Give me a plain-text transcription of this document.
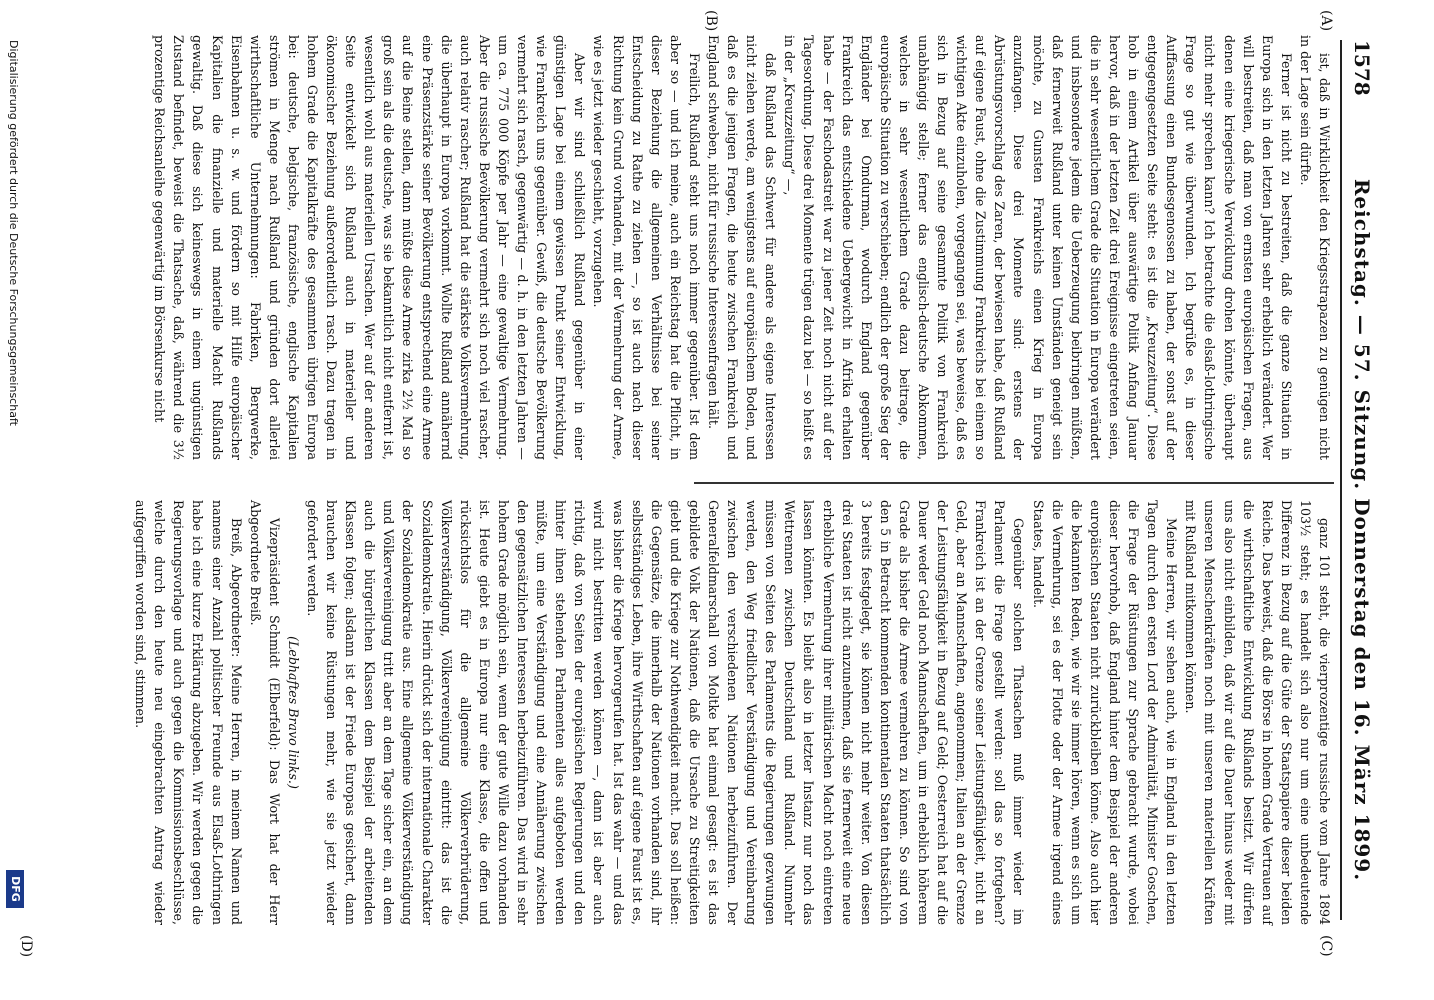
1578
Reichstag. — 57. Sitzung. Donnerstag den 16. März 1899.
(A)
(B)
(C)
(D)

ist, daß in Wirklichkeit den Kriegsstrapazen zu genügen nicht in der Lage sein dürfte.

Ferner ist nicht zu bestreiten, daß die ganze Situation in Europa sich in den letzten Jahren sehr erheblich verändert. Wer will bestreiten, daß man von ernsten europäischen Fragen, aus denen eine kriegerische Verwicklung drohen könnte, überhaupt nicht mehr sprechen kann? Ich betrachte die elsaß-lothringische Frage so gut wie überwunden. Ich begrüße es, in dieser Auffassung einen Bundesgenossen zu haben, der sonst auf der entgegengesetzten Seite steht: es ist die „Kreuzzeitung“. Diese hob in einem Artikel über auswärtige Politik Anfang Januar hervor, daß in der letzten Zeit drei Ereignisse eingetreten seien, die in sehr wesentlichem Grade die Situation in Europa verändert und insbesondere jedem die Ueberzeugung beibringen müßten, daß fernerweit Rußland unter keinen Umständen geneigt sein möchte, zu Gunsten Frankreichs einen Krieg in Europa anzufangen. Diese drei Momente sind: erstens der Abrüstungsvorschlag des Zaren, der bewiesen habe, daß Rußland auf eigene Faust, ohne die Zustimmung Frankreichs bei einem so wichtigen Akte einzuholen, vorgegangen sei, was beweise, daß es sich in Bezug auf seine gesammte Politik von Frankreich unabhängig stelle; ferner das englisch-deutsche Abkommen, welches in sehr wesentlichem Grade dazu beitrage, die europäische Situation zu verschieben; endlich der große Sieg der Engländer bei Omdurman, wodurch England gegenüber Frankreich das entschiedene Uebergewicht in Afrika erhalten habe — der Faschodastreit war zu jener Zeit noch nicht auf der Tagesordnung. Diese drei Momente trügen dazu bei — so heißt es in der „Kreuzzeitung“ —,

daß Rußland das Schwert für andere als eigene Interessen nicht ziehen werde, am wenigstens auf europäischem Boden, und daß es die jenigen Fragen, die heute zwischen Frankreich und England schweben, nicht für russische Interessenfragen hält.

Freilich, Rußland steht uns noch immer gegenüber. Ist dem aber so — und ich meine, auch ein Reichstag hat die Pflicht, in dieser Beziehung die allgemeinen Verhältnisse bei seiner Entscheidung zu Rathe zu ziehen —, so ist auch nach dieser Richtung kein Grund vorhanden, mit der Vermehrung der Armee, wie es jetzt wieder geschieht, vorzugehen.

Aber wir sind schließlich Rußland gegenüber in einer günstigen Lage bei einem gewissen Punkt seiner Entwicklung, wie Frankreich uns gegenüber. Gewiß, die deutsche Bevölkerung vermehrt sich rasch, gegenwärtig — d. h. in den letzten Jahren — um ca. 775 000 Köpfe per Jahr — eine gewaltige Vermehrung. Aber die russische Bevölkerung vermehrt sich noch viel rascher, auch relativ rascher; Rußland hat die stärkste Volksvermehrung, die überhaupt in Europa vorkommt. Wollte Rußland annähernd eine Präsenzstärke seiner Bevölkerung entsprechend eine Armee auf die Beine stellen, dann müßte diese Armee zirka 2½ Mal so groß sein als die deutsche, was sie bekanntlich nicht entfernt ist, wesentlich wohl aus materiellen Ursachen. Wer auf der anderen Seite entwickelt sich Rußland auch in materieller und ökonomischer Beziehung außerordentlich rasch. Dazu tragen in hohem Grade die Kapitalkräfte des gesammten übrigen Europa bei: deutsche, belgische, französische, englische Kapitalien strömen in Menge nach Rußland und gründen dort allerlei wirthschaftliche Unternehmungen: Fabriken, Bergwerke, Eisenbahnen u. s. w. und fördern so mit Hilfe europäischer Kapitalien die finanzielle und materielle Macht Rußlands gewaltig. Daß diese sich keineswegs in einem ungünstigen Zustand befindet, beweist die Thatsache, daß, während die 3½ prozentige Reichsanleihe gegenwärtig im Börsenkurse nicht

ganz 101 steht, die vierprozentige russische vom Jahre 1894 103½ steht; es handelt sich also nur um eine unbedeutende Differenz in Bezug auf die Güte der Staatspapiere dieser beiden Reiche. Das beweist, daß die Börse in hohem Grade Vertrauen auf die wirthschaftliche Entwicklung Rußlands besitzt. Wir dürfen uns also nicht einbilden, daß wir auf die Dauer hinaus weder mit unseren Menschenkräften noch mit unseren materiellen Kräften mit Rußland mitkommen können.

Meine Herren, wir sehen auch, wie in England in den letzten Tagen durch den ersten Lord der Admiralität, Minister Goschen, die Frage der Rüstungen zur Sprache gebracht wurde, wobei dieser hervorhob, daß England hinter dem Beispiel der anderen europäischen Staaten nicht zurückbleiben könne. Also auch hier die bekannten Reden, wie wir sie immer hören, wenn es sich um die Vermehrung, sei es der Flotte oder der Armee irgend eines Staates, handelt.

Gegenüber solchen Thatsachen muß immer wieder im Parlament die Frage gestellt werden: soll das so fortgehen? Frankreich ist an der Grenze seiner Leistungsfähigkeit, nicht an Geld, aber an Mannschaften, angenommen; Italien an der Grenze der Leistungsfähigkeit in Bezug auf Geld; Oesterreich hat auf die Dauer weder Geld noch Mannschaften, um in erheblich höherem Grade als bisher die Armee vermehren zu können. So sind von den 5 in Betracht kommenden kontinentalen Staaten thatsächlich 3 bereits festgelegt, sie können nicht mehr weiter. Von diesen drei Staaten ist nicht anzunehmen, daß sie fernerweit eine neue erhebliche Vermehrung ihrer militärischen Macht noch eintreten lassen könnten. Es bleibt also in letzter Instanz nur noch das Wettrennen zwischen Deutschland und Rußland. Nunmehr müssen von Seiten des Parlaments die Regierungen gezwungen werden, den Weg friedlicher Verständigung und Vereinbarung zwischen den verschiedenen Nationen herbeizuführen. Der Generalfeldmarschall von Moltke hat einmal gesagt: es ist das gebildete Volk der Nationen, daß die Ursache zu Streitigkeiten giebt und die Kriege zur Nothwendigkeit macht. Das soll heißen: die Gegensätze, die innerhalb der Nationen vorhanden sind, ihr selbstständiges Leben, ihre Wirthschaften auf eigene Faust ist es, was bisher die Kriege hervorgerufen hat. Ist das wahr — und das wird nicht bestritten werden können —, dann ist aber auch richtig, daß von Seiten der europäischen Regierungen und den hinter ihnen stehenden Parlamenten alles aufgeboten werden müßte, um eine Verständigung und eine Annäherung zwischen den gegensätzlichen Interessen herbeizuführen. Das wird in sehr hohem Grade möglich sein, wenn der gute Wille dazu vorhanden ist. Heute giebt es in Europa nur eine Klasse, die offen und rücksichtslos für die allgemeine Völkerverbrüderung, Völkerverständigung, Völkervereinigung eintritt: das ist die Sozialdemokratie. Hierin drückt sich der internationale Charakter der Sozialdemokratie aus. Eine allgemeine Völkerverständigung und Völkervereinigung tritt aber an dem Tage sicher ein, an dem auch die bürgerlichen Klassen dem Beispiel der arbeitenden Klassen folgen; alsdann ist der Friede Europas gesichert, dann brauchen wir keine Rüstungen mehr, wie sie jetzt wieder gefordert werden.

(Lebhaftes Bravo links.)

Vizepräsident Schmidt (Elberfeld): Das Wort hat der Herr Abgeordnete Breiß.

Breiß, Abgeordneter: Meine Herren, in meinem Namen und namens einer Anzahl politischer Freunde aus Elsaß-Lothringen habe ich eine kurze Erklärung abzugeben. Wir werden gegen die Regierungsvorlage und auch gegen die Kommissionsbeschlüsse, welche durch den heute neu eingebrachten Antrag wieder aufgegriffen worden sind, stimmen.

Digitalisierung gefördert durch die Deutsche Forschungsgemeinschaft
DFG
